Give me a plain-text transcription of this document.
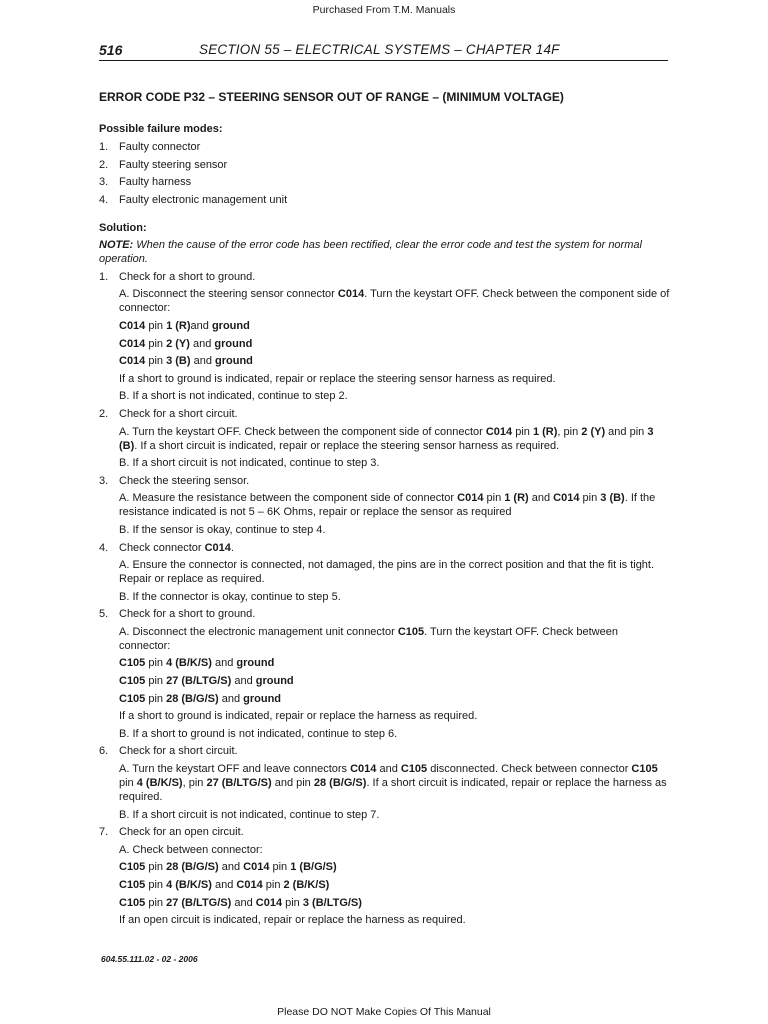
Purchased From T.M. Manuals
516	SECTION 55 – ELECTRICAL SYSTEMS – CHAPTER 14F
ERROR CODE P32 – STEERING SENSOR OUT OF RANGE – (MINIMUM VOLTAGE)
Possible failure modes:
1. Faulty connector
2. Faulty steering sensor
3. Faulty harness
4. Faulty electronic management unit
Solution:
NOTE: When the cause of the error code has been rectified, clear the error code and test the system for normal operation.
1. Check for a short to ground.
A. Disconnect the steering sensor connector C014. Turn the keystart OFF. Check between the component side of connector:
C014 pin 1 (R)and ground
C014 pin 2 (Y) and ground
C014 pin 3 (B) and ground
If a short to ground is indicated, repair or replace the steering sensor harness as required.
B. If a short is not indicated, continue to step 2.
2. Check for a short circuit.
A. Turn the keystart OFF. Check between the component side of connector C014 pin 1 (R), pin 2 (Y) and pin 3 (B). If a short circuit is indicated, repair or replace the steering sensor harness as required.
B. If a short circuit is not indicated, continue to step 3.
3. Check the steering sensor.
A. Measure the resistance between the component side of connector C014 pin 1 (R) and C014 pin 3 (B). If the resistance indicated is not 5 – 6K Ohms, repair or replace the sensor as required
B. If the sensor is okay, continue to step 4.
4. Check connector C014.
A. Ensure the connector is connected, not damaged, the pins are in the correct position and that the fit is tight. Repair or replace as required.
B. If the connector is okay, continue to step 5.
5. Check for a short to ground.
A. Disconnect the electronic management unit connector C105. Turn the keystart OFF. Check between connector:
C105 pin 4 (B/K/S) and ground
C105 pin 27 (B/LTG/S) and ground
C105 pin 28 (B/G/S) and ground
If a short to ground is indicated, repair or replace the harness as required.
B. If a short to ground is not indicated, continue to step 6.
6. Check for a short circuit.
A. Turn the keystart OFF and leave connectors C014 and C105 disconnected. Check between connector C105 pin 4 (B/K/S), pin 27 (B/LTG/S) and pin 28 (B/G/S). If a short circuit is indicated, repair or replace the harness as required.
B. If a short circuit is not indicated, continue to step 7.
7. Check for an open circuit.
A. Check between connector:
C105 pin 28 (B/G/S) and C014 pin 1 (B/G/S)
C105 pin 4 (B/K/S) and C014 pin 2 (B/K/S)
C105 pin 27 (B/LTG/S) and C014 pin 3 (B/LTG/S)
If an open circuit is indicated, repair or replace the harness as required.
604.55.111.02 - 02 - 2006
Please DO NOT Make Copies Of This Manual
